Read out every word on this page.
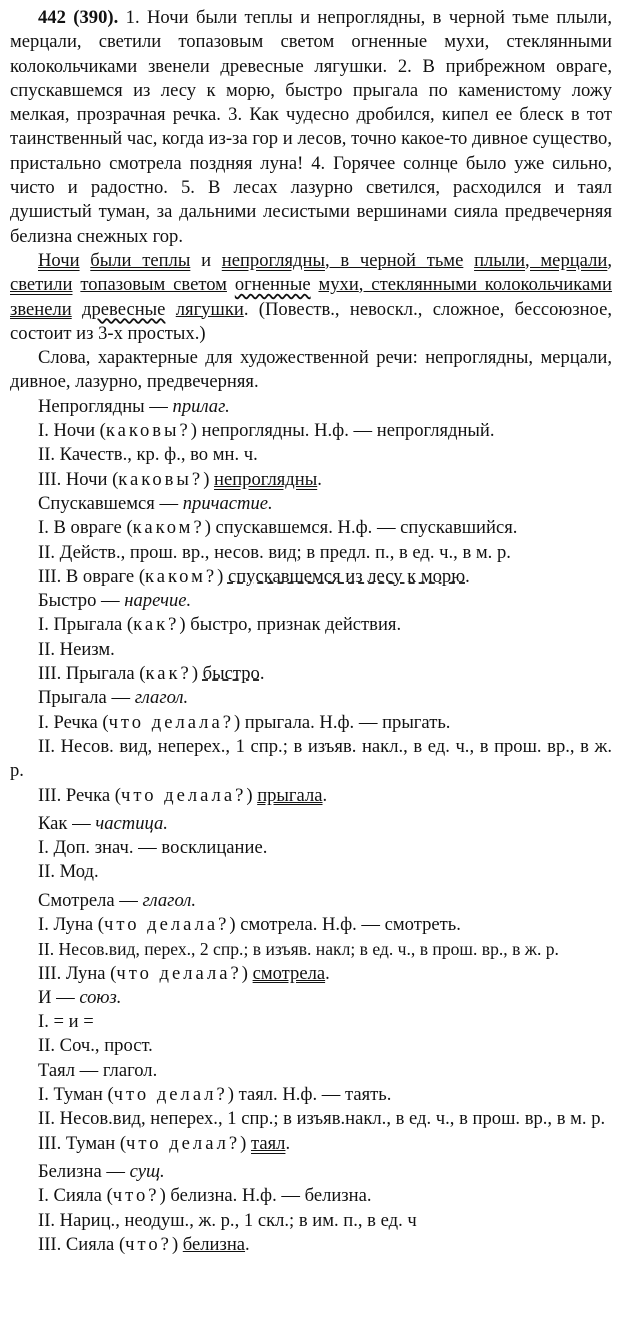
442 (390). 1. Ночи были теплы и непроглядны, в черной тьме плыли, мерцали, светили топазовым светом огненные мухи, стеклянными колокольчиками звенели древесные лягушки. 2. В прибрежном овраге, спускавшемся из лесу к морю, быстро прыгала по каменистому ложу мелкая, прозрачная речка. 3. Как чудесно дробился, кипел ее блеск в тот таинственный час, когда из-за гор и лесов, точно какое-то дивное существо, пристально смотрела поздняя луна! 4. Горячее солнце было уже сильно, чисто и радостно. 5. В лесах лазурно светился, расходился и таял душистый туман, за дальними лесистыми вершинами сияла предвечерняя белизна снежных гор.

Ночи были теплы и непроглядны, в черной тьме плыли, мерцали, светили топазовым светом огненные мухи, стеклянными колокольчиками звенели древесные лягушки. (Повеств., невоскл., сложное, бессоюзное, состоит из 3-х простых.)

Слова, характерные для художественной речи: непроглядны, мерцали, дивное, лазурно, предвечерняя.

Непроглядны — прилаг.

I. Ночи (каковы?) непроглядны. Н.ф. — непроглядный.

II. Качеств., кр. ф., во мн. ч.

III. Ночи (каковы?) непроглядны.

Спускавшемся — причастие.

I. В овраге (каком?) спускавшемся. Н.ф. — спускавшийся.

II. Действ., прош. вр., несов. вид; в предл. п., в ед. ч., в м. р.

III. В овраге (каком?) спускавшемся из лесу к морю.

Быстро — наречие.

I. Прыгала (как?) быстро, признак действия.

II. Неизм.

III. Прыгала (как?) быстро.

Прыгала — глагол.

I. Речка (что делала?) прыгала. Н.ф. — прыгать.

II. Несов. вид, неперех., 1 спр.; в изъяв. накл., в ед. ч., в прош. вр., в ж. р.

III. Речка (что делала?) прыгала.

Как — частица.

I. Доп. знач. — восклицание.

II. Мод.

Смотрела — глагол.

I. Луна (что делала?) смотрела. Н.ф. — смотреть.

II. Несов.вид, перех., 2 спр.; в изъяв. накл; в ед. ч., в прош. вр., в ж. р.

III. Луна (что делала?) смотрела.

И — союз.

I. = и =

II. Соч., прост.

Таял — глагол.

I. Туман (что делал?) таял. Н.ф. — таять.

II. Несов.вид, неперех., 1 спр.; в изъяв.накл., в ед. ч., в прош. вр., в м. р.

III. Туман (что делал?) таял.

Белизна — сущ.

I. Сияла (что?) белизна. Н.ф. — белизна.

II. Нариц., неодуш., ж. р., 1 скл.; в им. п., в ед. ч

III. Сияла (что?) белизна.
